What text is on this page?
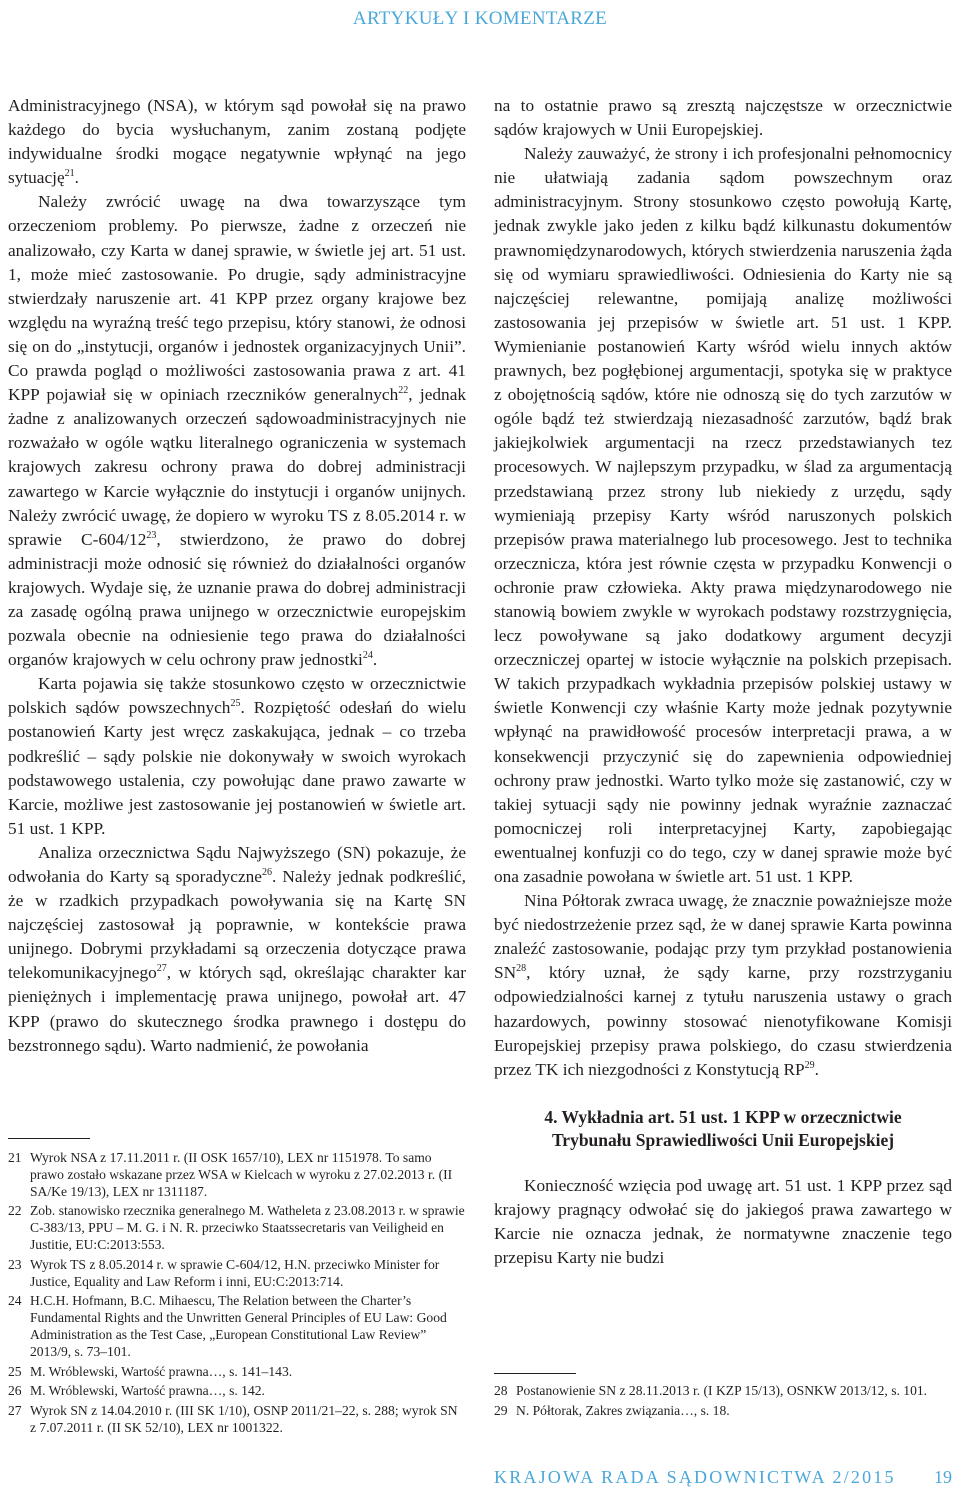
ARTYKUŁY I KOMENTARZE

Administracyjnego (NSA), w którym sąd powołał się na prawo każdego do bycia wysłuchanym, zanim zostaną podjęte indywidualne środki mogące negatywnie wpłynąć na jego sytuację$^{21}$.

Należy zwrócić uwagę na dwa towarzyszące tym orzeczeniom problemy. Po pierwsze, żadne z orzeczeń nie analizowało, czy Karta w danej sprawie, w świetle jej art. 51 ust. 1, może mieć zastosowanie. Po drugie, sądy administracyjne stwierdzały naruszenie art. 41 KPP przez organy krajowe bez względu na wyraźną treść tego przepisu, który stanowi, że odnosi się on do „instytucji, organów i jednostek organizacyjnych Unii”. Co prawda pogląd o możliwości zastosowania prawa z art. 41 KPP pojawiał się w opiniach rzeczników generalnych$^{22}$, jednak żadne z analizowanych orzeczeń sądowoadministracyjnych nie rozważało w ogóle wątku literalnego ograniczenia w systemach krajowych zakresu ochrony prawa do dobrej administracji zawartego w Karcie wyłącznie do instytucji i organów unijnych. Należy zwrócić uwagę, że dopiero w wyroku TS z 8.05.2014 r. w sprawie $C-604/12^{23}$, stwierdzono, że prawo do dobrej administracji może odnosić się również do działalności organów krajowych. Wydaje się, że uznanie prawa do dobrej administracji za zasadę ogólną prawa unijnego w orzecznictwie europejskim pozwala obecnie na odniesienie tego prawa do działalności organów krajowych w celu ochrony praw jednostki$^{24}$.

Karta pojawia się także stosunkowo często w orzecznictwie polskich sądów powszechnych$^{25}$. Rozpiętość odesłań do wielu postanowień Karty jest wręcz zaskakująca, jednak – co trzeba podkreślić – sądy polskie nie dokonywały w swoich wyrokach podstawowego ustalenia, czy powołując dane prawo zawarte w Karcie, możliwe jest zastosowanie jej postanowień w świetle art. 51 ust. 1 KPP.

Analiza orzecznictwa Sądu Najwyższego (SN) pokazuje, że odwołania do Karty są sporadyczne$^{26}$. Należy jednak podkreślić, że w rzadkich przypadkach powoływania się na Kartę SN najczęściej zastosował ją poprawnie, w kontekście prawa unijnego. Dobrymi przykładami są orzeczenia dotyczące prawa telekomunikacyjnego$^{27}$, w których sąd, określając charakter kar pieniężnych i implementację prawa unijnego, powołał art. 47 KPP (prawo do skutecznego środka prawnego i dostępu do bezstronnego sądu). Warto nadmienić, że powołania

21 Wyrok NSA z 17.11.2011 r. (II OSK 1657/10), LEX nr 1151978. To samo prawo zostało wskazane przez WSA w Kielcach w wyroku z 27.02.2013 r. (II SA/Ke 19/13), LEX nr 1311187.
22 Zob. stanowisko rzecznika generalnego M. Watheleta z 23.08.2013 r. w sprawie C-383/13, PPU – M. G. i N. R. przeciwko Staatssecretaris van Veiligheid en Justitie, EU:C:2013:553.
23 Wyrok TS z 8.05.2014 r. w sprawie C-604/12, H.N. przeciwko Minister for Justice, Equality and Law Reform i inni, EU:C:2013:714.
24 H.C.H. Hofmann, B.C. Mihaescu, The Relation between the Charter’s Fundamental Rights and the Unwritten General Principles of EU Law: Good Administration as the Test Case, „European Constitutional Law Review” 2013/9, s. 73–101.
25 M. Wróblewski, Wartość prawna…, s. 141–143.
26 M. Wróblewski, Wartość prawna…, s. 142.
27 Wyrok SN z 14.04.2010 r. (III SK 1/10), OSNP 2011/21–22, s. 288; wyrok SN z 7.07.2011 r. (II SK 52/10), LEX nr 1001322.

na to ostatnie prawo są zresztą najczęstsze w orzecznictwie sądów krajowych w Unii Europejskiej.

Należy zauważyć, że strony i ich profesjonalni pełnomocnicy nie ułatwiają zadania sądom powszechnym oraz administracyjnym. Strony stosunkowo często powołują Kartę, jednak zwykle jako jeden z kilku bądź kilkunastu dokumentów prawnomiędzynarodowych, których stwierdzenia naruszenia żąda się od wymiaru sprawiedliwości. Odniesienia do Karty nie są najczęściej relewantne, pomijają analizę możliwości zastosowania jej przepisów w świetle art. 51 ust. 1 KPP. Wymienianie postanowień Karty wśród wielu innych aktów prawnych, bez pogłębionej argumentacji, spotyka się w praktyce z obojętnością sądów, które nie odnoszą się do tych zarzutów w ogóle bądź też stwierdzają niezasadność zarzutów, bądź brak jakiejkolwiek argumentacji na rzecz przedstawianych tez procesowych. W najlepszym przypadku, w ślad za argumentacją przedstawianą przez strony lub niekiedy z urzędu, sądy wymieniają przepisy Karty wśród naruszonych polskich przepisów prawa materialnego lub procesowego. Jest to technika orzecznicza, która jest równie częsta w przypadku Konwencji o ochronie praw człowieka. Akty prawa międzynarodowego nie stanowią bowiem zwykle w wyrokach podstawy rozstrzygnięcia, lecz powoływane są jako dodatkowy argument decyzji orzeczniczej opartej w istocie wyłącznie na polskich przepisach. W takich przypadkach wykładnia przepisów polskiej ustawy w świetle Konwencji czy właśnie Karty może jednak pozytywnie wpłynąć na prawidłowość procesów interpretacji prawa, a w konsekwencji przyczynić się do zapewnienia odpowiedniej ochrony praw jednostki. Warto tylko może się zastanowić, czy w takiej sytuacji sądy nie powinny jednak wyraźnie zaznaczać pomocniczej roli interpretacyjnej Karty, zapobiegając ewentualnej konfuzji co do tego, czy w danej sprawie może być ona zasadnie powołana w świetle art. 51 ust. 1 KPP.

Nina Półtorak zwraca uwagę, że znacznie poważniejsze może być niedostrzeżenie przez sąd, że w danej sprawie Karta powinna znaleźć zastosowanie, podając przy tym przykład postanowienia SN$^{28}$, który uznał, że sądy karne, przy rozstrzyganiu odpowiedzialności karnej z tytułu naruszenia ustawy o grach hazardowych, powinny stosować nienotyfikowane Komisji Europejskiej przepisy prawa polskiego, do czasu stwierdzenia przez TK ich niezgodności z Konstytucją RP$^{29}$.

4. Wykładnia art. 51 ust. 1 KPP w orzecznictwie
Trybunału Sprawiedliwości Unii Europejskiej

Konieczność wzięcia pod uwagę art. 51 ust. 1 KPP przez sąd krajowy pragnący odwołać się do jakiegoś prawa zawartego w Karcie nie oznacza jednak, że normatywne znaczenie tego przepisu Karty nie budzi

28 Postanowienie SN z 28.11.2013 r. (I KZP 15/13), OSNKW 2013/12, s. 101.
29 N. Półtorak, Zakres związania…, s. 18.
KRAJOWA RADA SĄDOWNICTWA 2/2015 19
